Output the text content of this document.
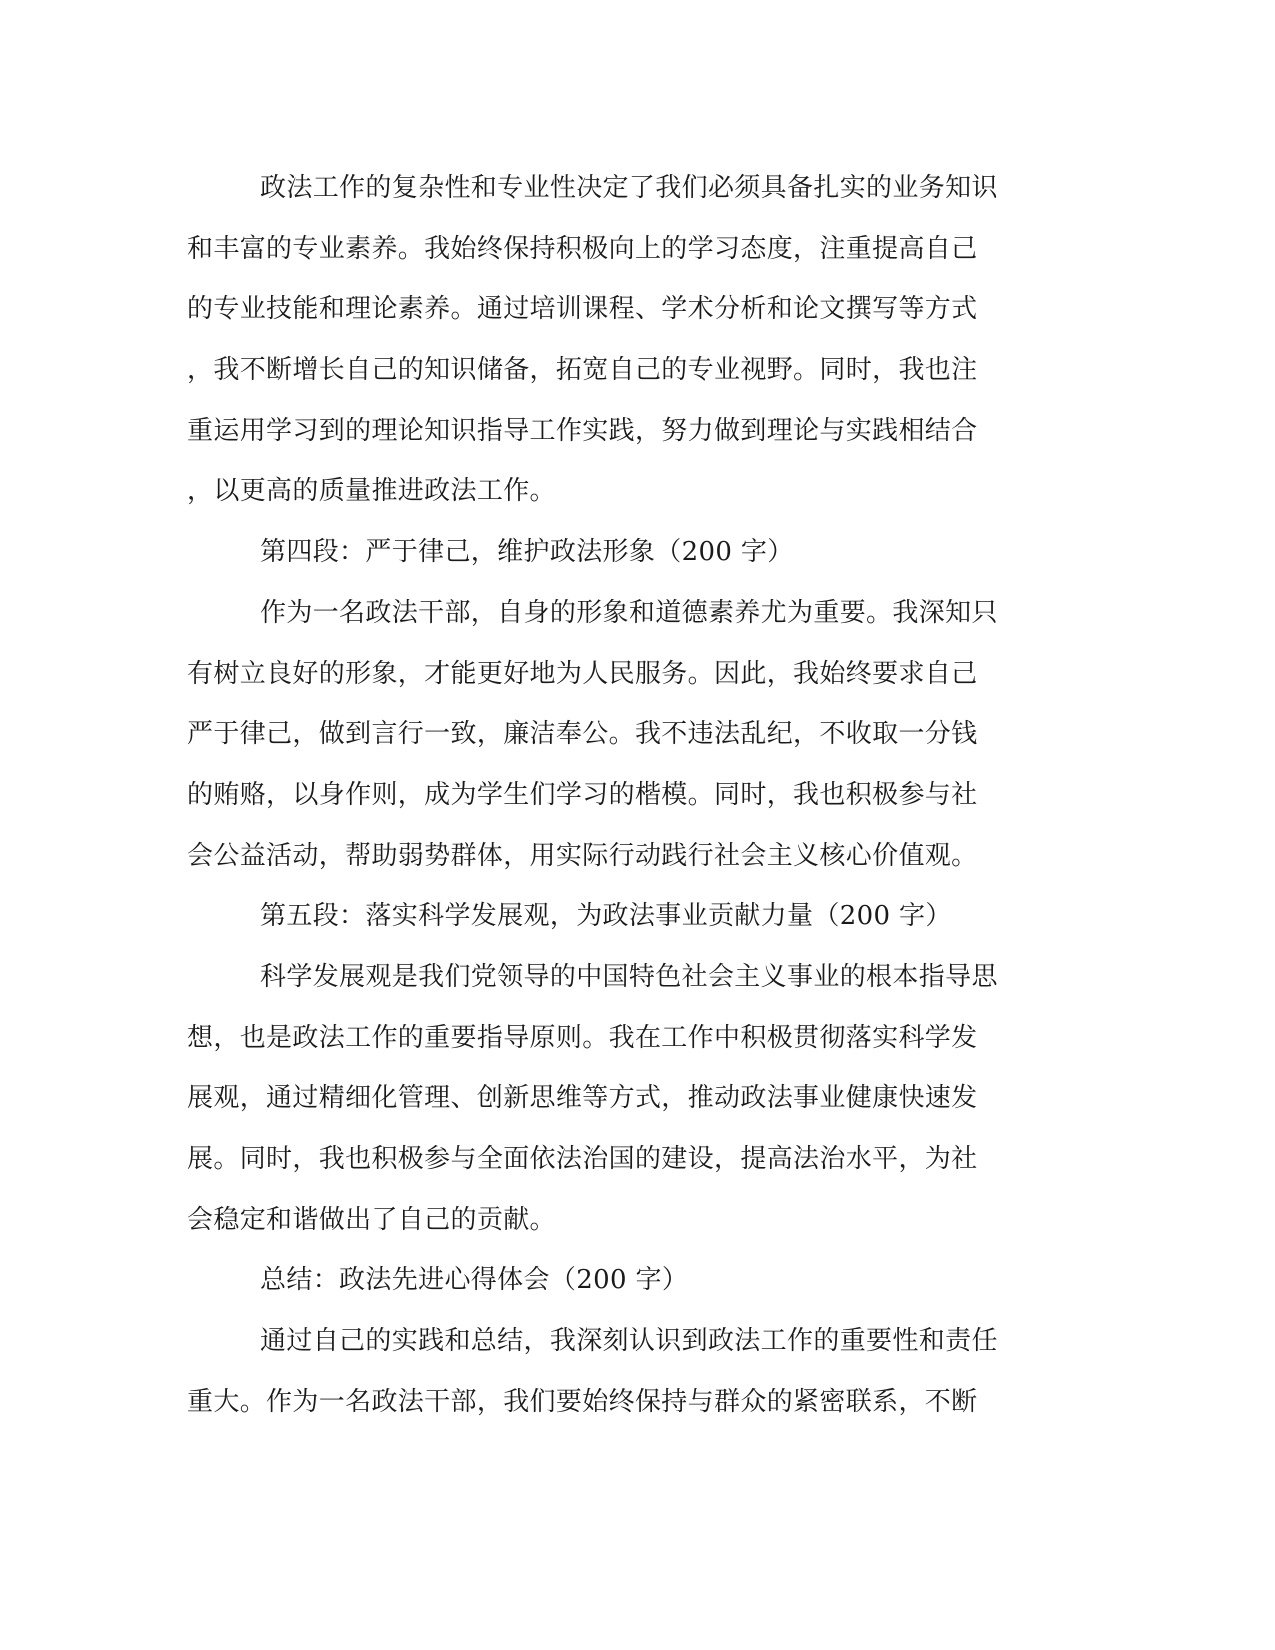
政法工作的复杂性和专业性决定了我们必须具备扎实的业务知识
和丰富的专业素养。我始终保持积极向上的学习态度，注重提高自己
的专业技能和理论素养。通过培训课程、学术分析和论文撰写等方式
，我不断增长自己的知识储备，拓宽自己的专业视野。同时，我也注
重运用学习到的理论知识指导工作实践，努力做到理论与实践相结合
，以更高的质量推进政法工作。
第四段：严于律己，维护政法形象（200 字）
作为一名政法干部，自身的形象和道德素养尤为重要。我深知只
有树立良好的形象，才能更好地为人民服务。因此，我始终要求自己
严于律己，做到言行一致，廉洁奉公。我不违法乱纪，不收取一分钱
的贿赂，以身作则，成为学生们学习的楷模。同时，我也积极参与社
会公益活动，帮助弱势群体，用实际行动践行社会主义核心价值观。
第五段：落实科学发展观，为政法事业贡献力量（200 字）
科学发展观是我们党领导的中国特色社会主义事业的根本指导思
想，也是政法工作的重要指导原则。我在工作中积极贯彻落实科学发
展观，通过精细化管理、创新思维等方式，推动政法事业健康快速发
展。同时，我也积极参与全面依法治国的建设，提高法治水平，为社
会稳定和谐做出了自己的贡献。
总结：政法先进心得体会（200 字）
通过自己的实践和总结，我深刻认识到政法工作的重要性和责任
重大。作为一名政法干部，我们要始终保持与群众的紧密联系，不断
